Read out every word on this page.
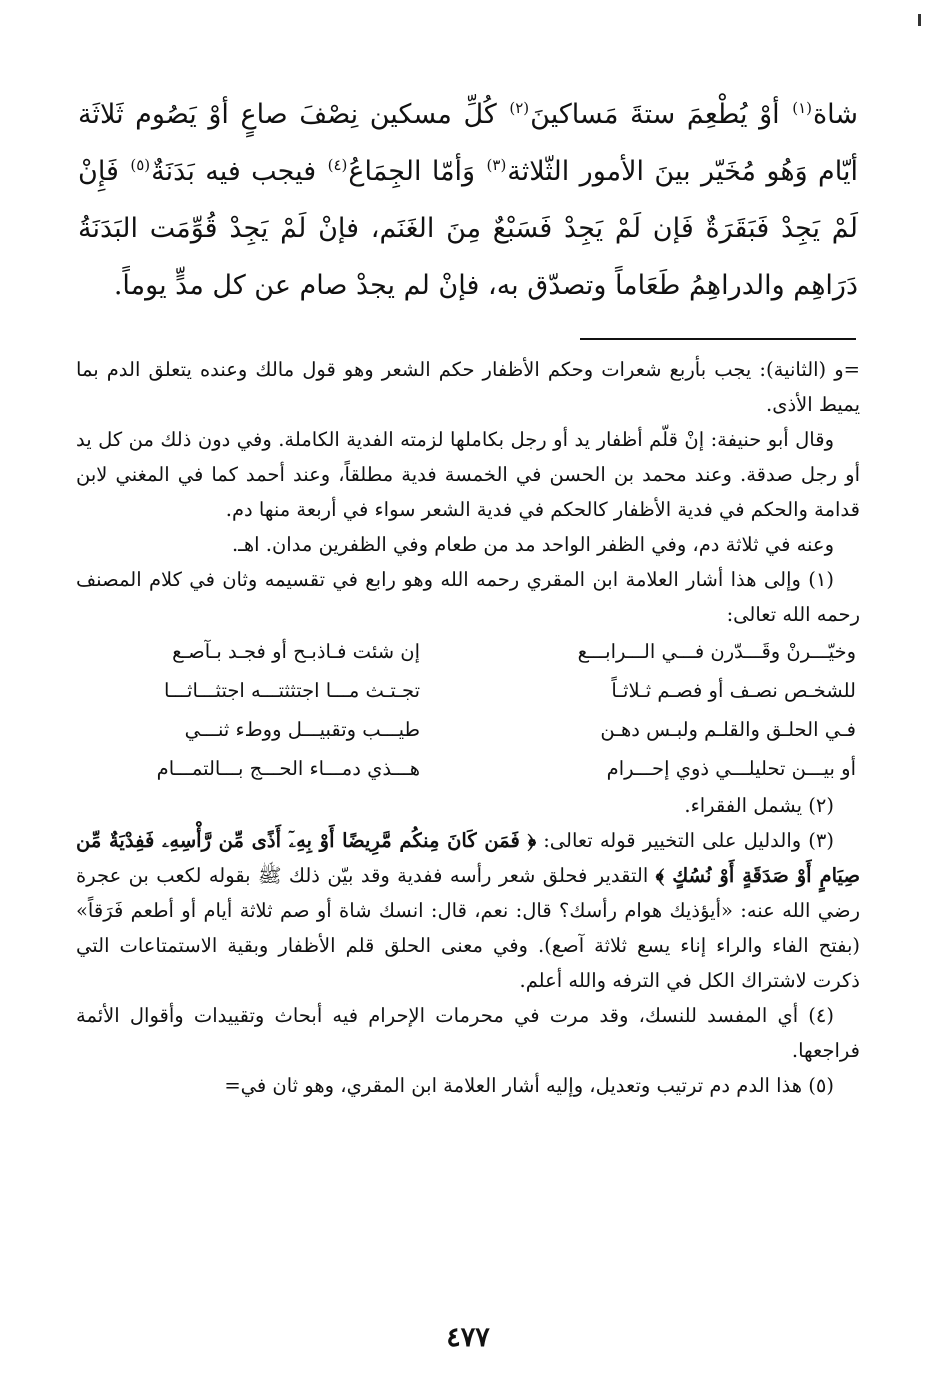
شاة$^{(١)}$ أوْ يُطْعِمَ ستةَ مَساكينَ$^{(٢)}$ كُلِّ مسكين نِصْفَ صاعٍ أوْ يَصُوم ثَلاثَة أيّام وَهُو مُخَيّر بينَ الأمور الثّلاثة$^{(٣)}$ وَأمّا الجِمَاعُ$^{(٤)}$ فيجب فيه بَدَنَةٌ$^{(٥)}$ فَإِنْ لَمْ يَجِدْ فَبَقَرَةٌ فَإن لَمْ يَجِدْ فَسَبْعٌ مِنَ الغَنَم، فإنْ لَمْ يَجِدْ قُوِّمَت البَدَنَةُ دَرَاهِم والدراهِمُ طَعَاماً وتصدّق به، فإنْ لم يجدْ صام عن كل مدٍّ يوماً.

=و (الثانية): يجب بأربع شعرات وحكم الأظفار حكم الشعر وهو قول مالك وعنده يتعلق الدم بما يميط الأذى.

وقال أبو حنيفة: إنْ قلّم أظفار يد أو رجل بكاملها لزمته الفدية الكاملة. وفي دون ذلك من كل يد أو رجل صدقة. وعند محمد بن الحسن في الخمسة فدية مطلقاً، وعند أحمد كما في المغني لابن قدامة والحكم في فدية الأظفار كالحكم في فدية الشعر سواء في أربعة منها دم.

وعنه في ثلاثة دم، وفي الظفر الواحد مد من طعام وفي الظفرين مدان. اهـ.

(١) وإلى هذا أشار العلامة ابن المقري رحمه الله وهو رابع في تقسيمه وثان في كلام المصنف رحمه الله تعالى:

وخيّـــرنْ وقَـــدّرن فـــي الـــرابـــع
إن شئت فـاذبـح أو فجـد بـآصـع
للشخـص نصـف أو فصـم ثـلاثـاً
تجـتـث مـــا اجتثثتـــه اجتثـــاثـــا
فـي الحلـق والقلـم ولبـس دهـن
طيـــب وتقبيـــل ووطء ثنـــي
أو بيـــن تحليلـــي ذوي إحـــرام
هـــذي دمـــاء الحـــج بـــالتمـــام

(٢) يشمل الفقراء.

(٣) والدليل على التخيير قوله تعالى: ﴿ فَمَن كَانَ مِنكُم مَّرِيضًا أَوْ بِهِۦٓ أَذًى مِّن رَّأْسِهِۦ فَفِدْيَةٌ مِّن صِيَامٍ أَوْ صَدَقَةٍ أَوْ نُسُكٍ ﴾ التقدير فحلق شعر رأسه ففدية وقد بيّن ذلك ﷺ بقوله لكعب بن عجرة رضي الله عنه: «أيؤذيك هوام رأسك؟ قال: نعم، قال: انسك شاة أو صم ثلاثة أيام أو أطعم فَرَقاً» (بفتح الفاء والراء إناء يسع ثلاثة آصع). وفي معنى الحلق قلم الأظفار وبقية الاستمتاعات التي ذكرت لاشتراك الكل في الترفه والله أعلم.

(٤) أي المفسد للنسك، وقد مرت في محرمات الإحرام فيه أبحاث وتقييدات وأقوال الأئمة فراجعها.

(٥) هذا الدم دم ترتيب وتعديل، وإليه أشار العلامة ابن المقري، وهو ثان في=

٤٧٧
